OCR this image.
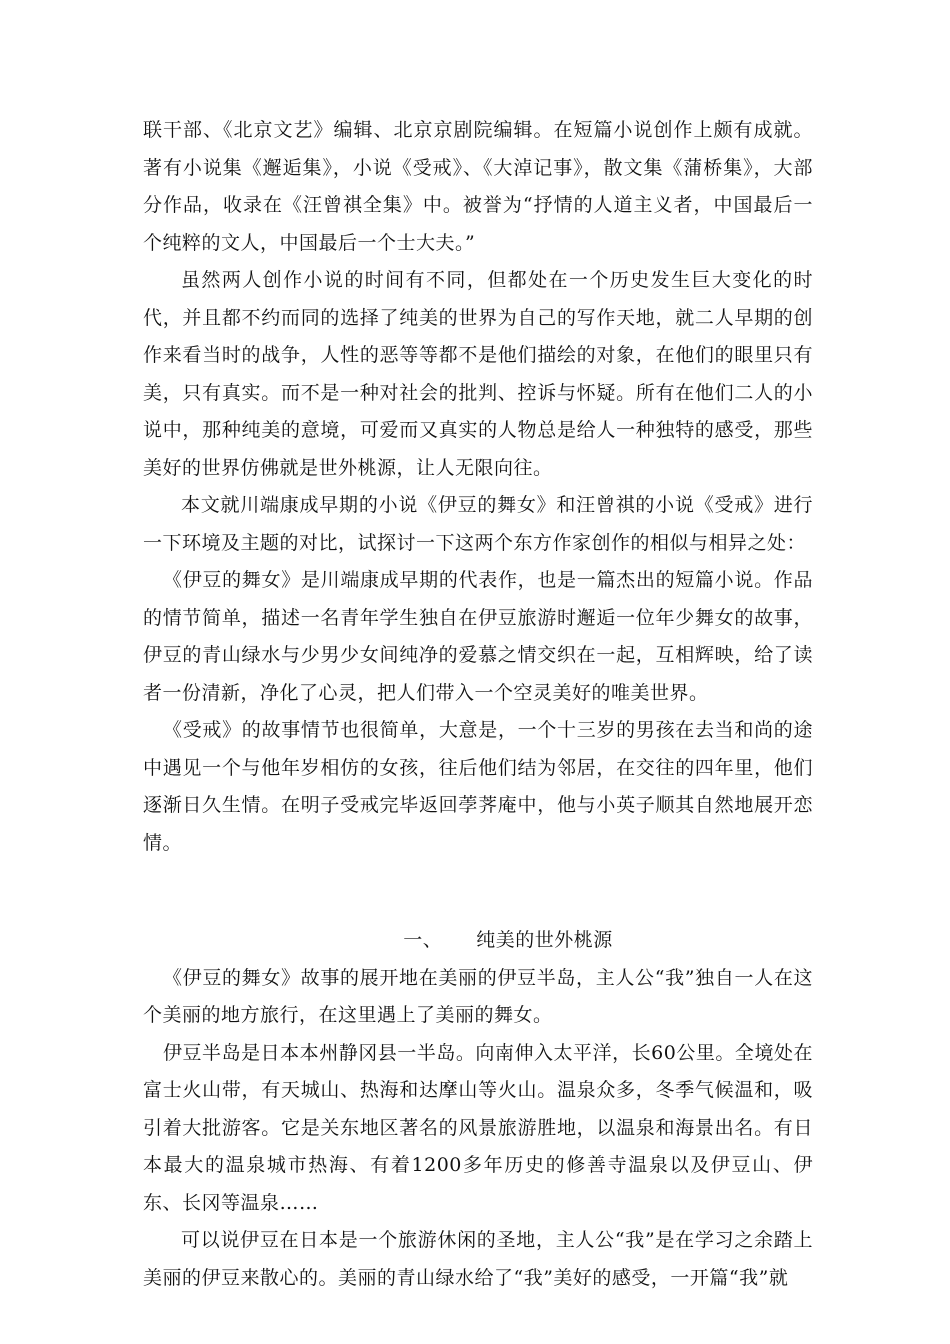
联干部、《北京文艺》编辑、北京京剧院编辑。在短篇小说创作上颇有成就。著有小说集《邂逅集》，小说《受戒》、《大淖记事》，散文集《蒲桥集》，大部分作品，收录在《汪曾祺全集》中。被誉为“抒情的人道主义者，中国最后一个纯粹的文人，中国最后一个士大夫。”

虽然两人创作小说的时间有不同，但都处在一个历史发生巨大变化的时代，并且都不约而同的选择了纯美的世界为自己的写作天地，就二人早期的创作来看当时的战争，人性的恶等等都不是他们描绘的对象，在他们的眼里只有美，只有真实。而不是一种对社会的批判、控诉与怀疑。所有在他们二人的小说中，那种纯美的意境，可爱而又真实的人物总是给人一种独特的感受，那些美好的世界仿佛就是世外桃源，让人无限向往。

本文就川端康成早期的小说《伊豆的舞女》和汪曾祺的小说《受戒》进行一下环境及主题的对比，试探讨一下这两个东方作家创作的相似与相异之处：

《伊豆的舞女》是川端康成早期的代表作，也是一篇杰出的短篇小说。作品的情节简单，描述一名青年学生独自在伊豆旅游时邂逅一位年少舞女的故事，伊豆的青山绿水与少男少女间纯净的爱慕之情交织在一起，互相辉映，给了读者一份清新，净化了心灵，把人们带入一个空灵美好的唯美世界。

《受戒》的故事情节也很简单，大意是，一个十三岁的男孩在去当和尚的途中遇见一个与他年岁相仿的女孩，往后他们结为邻居，在交往的四年里，他们逐渐日久生情。在明子受戒完毕返回荸荠庵中，他与小英子顺其自然地展开恋情。

一、 纯美的世外桃源

《伊豆的舞女》故事的展开地在美丽的伊豆半岛，主人公“我”独自一人在这个美丽的地方旅行，在这里遇上了美丽的舞女。

伊豆半岛是日本本州静冈县一半岛。向南伸入太平洋，长60公里。全境处在富士火山带，有天城山、热海和达摩山等火山。温泉众多，冬季气候温和，吸引着大批游客。它是关东地区著名的风景旅游胜地，以温泉和海景出名。有日本最大的温泉城市热海、有着1200多年历史的修善寺温泉以及伊豆山、伊东、长冈等温泉……

可以说伊豆在日本是一个旅游休闲的圣地，主人公“我”是在学习之余踏上美丽的伊豆来散心的。美丽的青山绿水给了“我”美好的感受，一开篇“我”就
